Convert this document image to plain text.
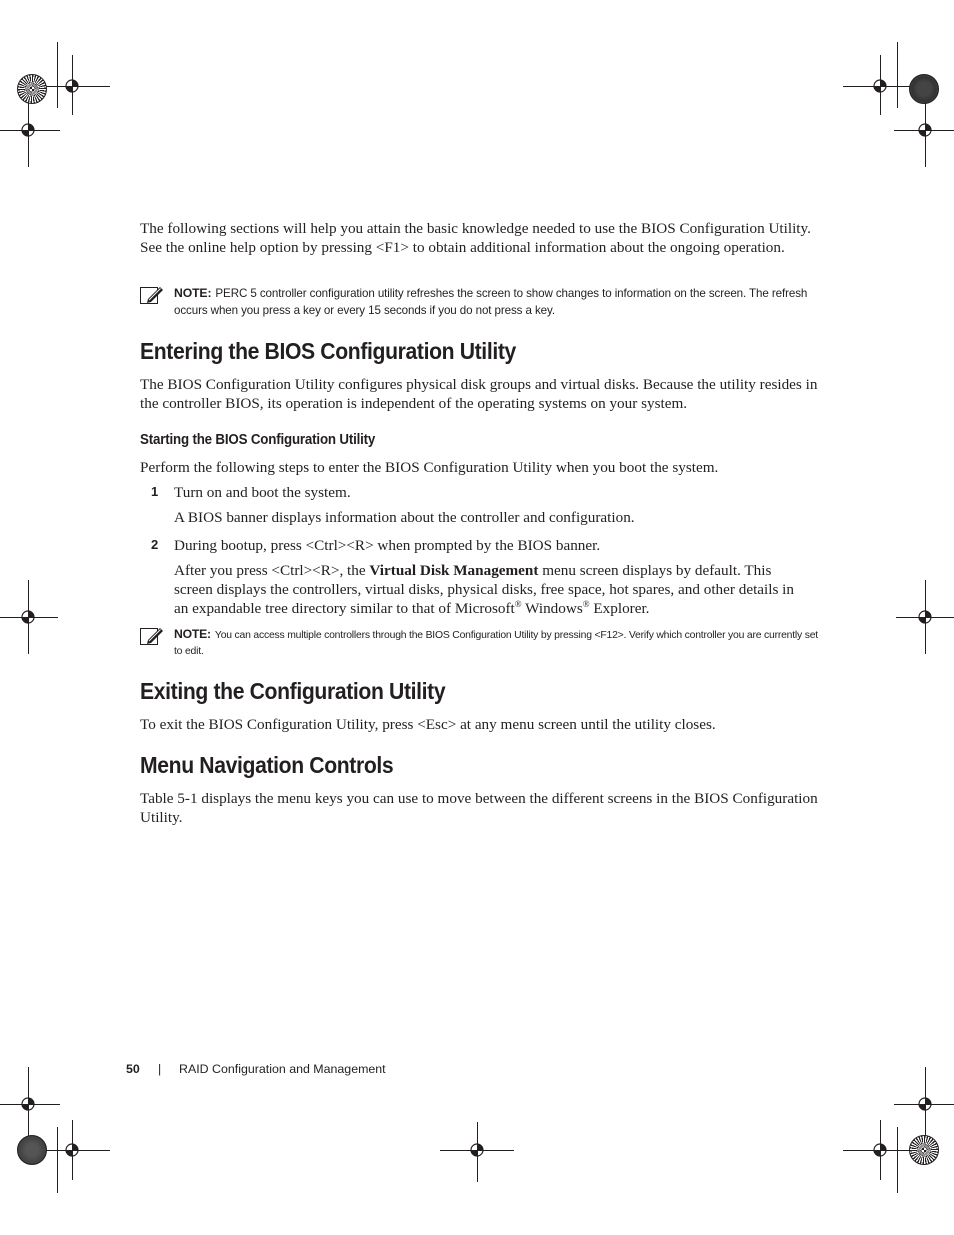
The following sections will help you attain the basic knowledge needed to use the BIOS Configuration Utility. See the online help option by pressing <F1> to obtain additional information about the ongoing operation.

NOTE: PERC 5 controller configuration utility refreshes the screen to show changes to information on the screen. The refresh occurs when you press a key or every 15 seconds if you do not press a key.
Entering the BIOS Configuration Utility

The BIOS Configuration Utility configures physical disk groups and virtual disks. Because the utility resides in the controller BIOS, its operation is independent of the operating systems on your system.

Starting the BIOS Configuration Utility

Perform the following steps to enter the BIOS Configuration Utility when you boot the system.

1 Turn on and boot the system.
A BIOS banner displays information about the controller and configuration.
2 During bootup, press <Ctrl><R> when prompted by the BIOS banner.
After you press <Ctrl><R>, the Virtual Disk Management menu screen displays by default. This screen displays the controllers, virtual disks, physical disks, free space, hot spares, and other details in an expandable tree directory similar to that of Microsoft® Windows® Explorer.
NOTE: You can access multiple controllers through the BIOS Configuration Utility by pressing <F12>. Verify which controller you are currently set to edit.
Exiting the Configuration Utility

To exit the BIOS Configuration Utility, press <Esc> at any menu screen until the utility closes.

Menu Navigation Controls

Table 5-1 displays the menu keys you can use to move between the different screens in the BIOS Configuration Utility.

50 | RAID Configuration and Management
